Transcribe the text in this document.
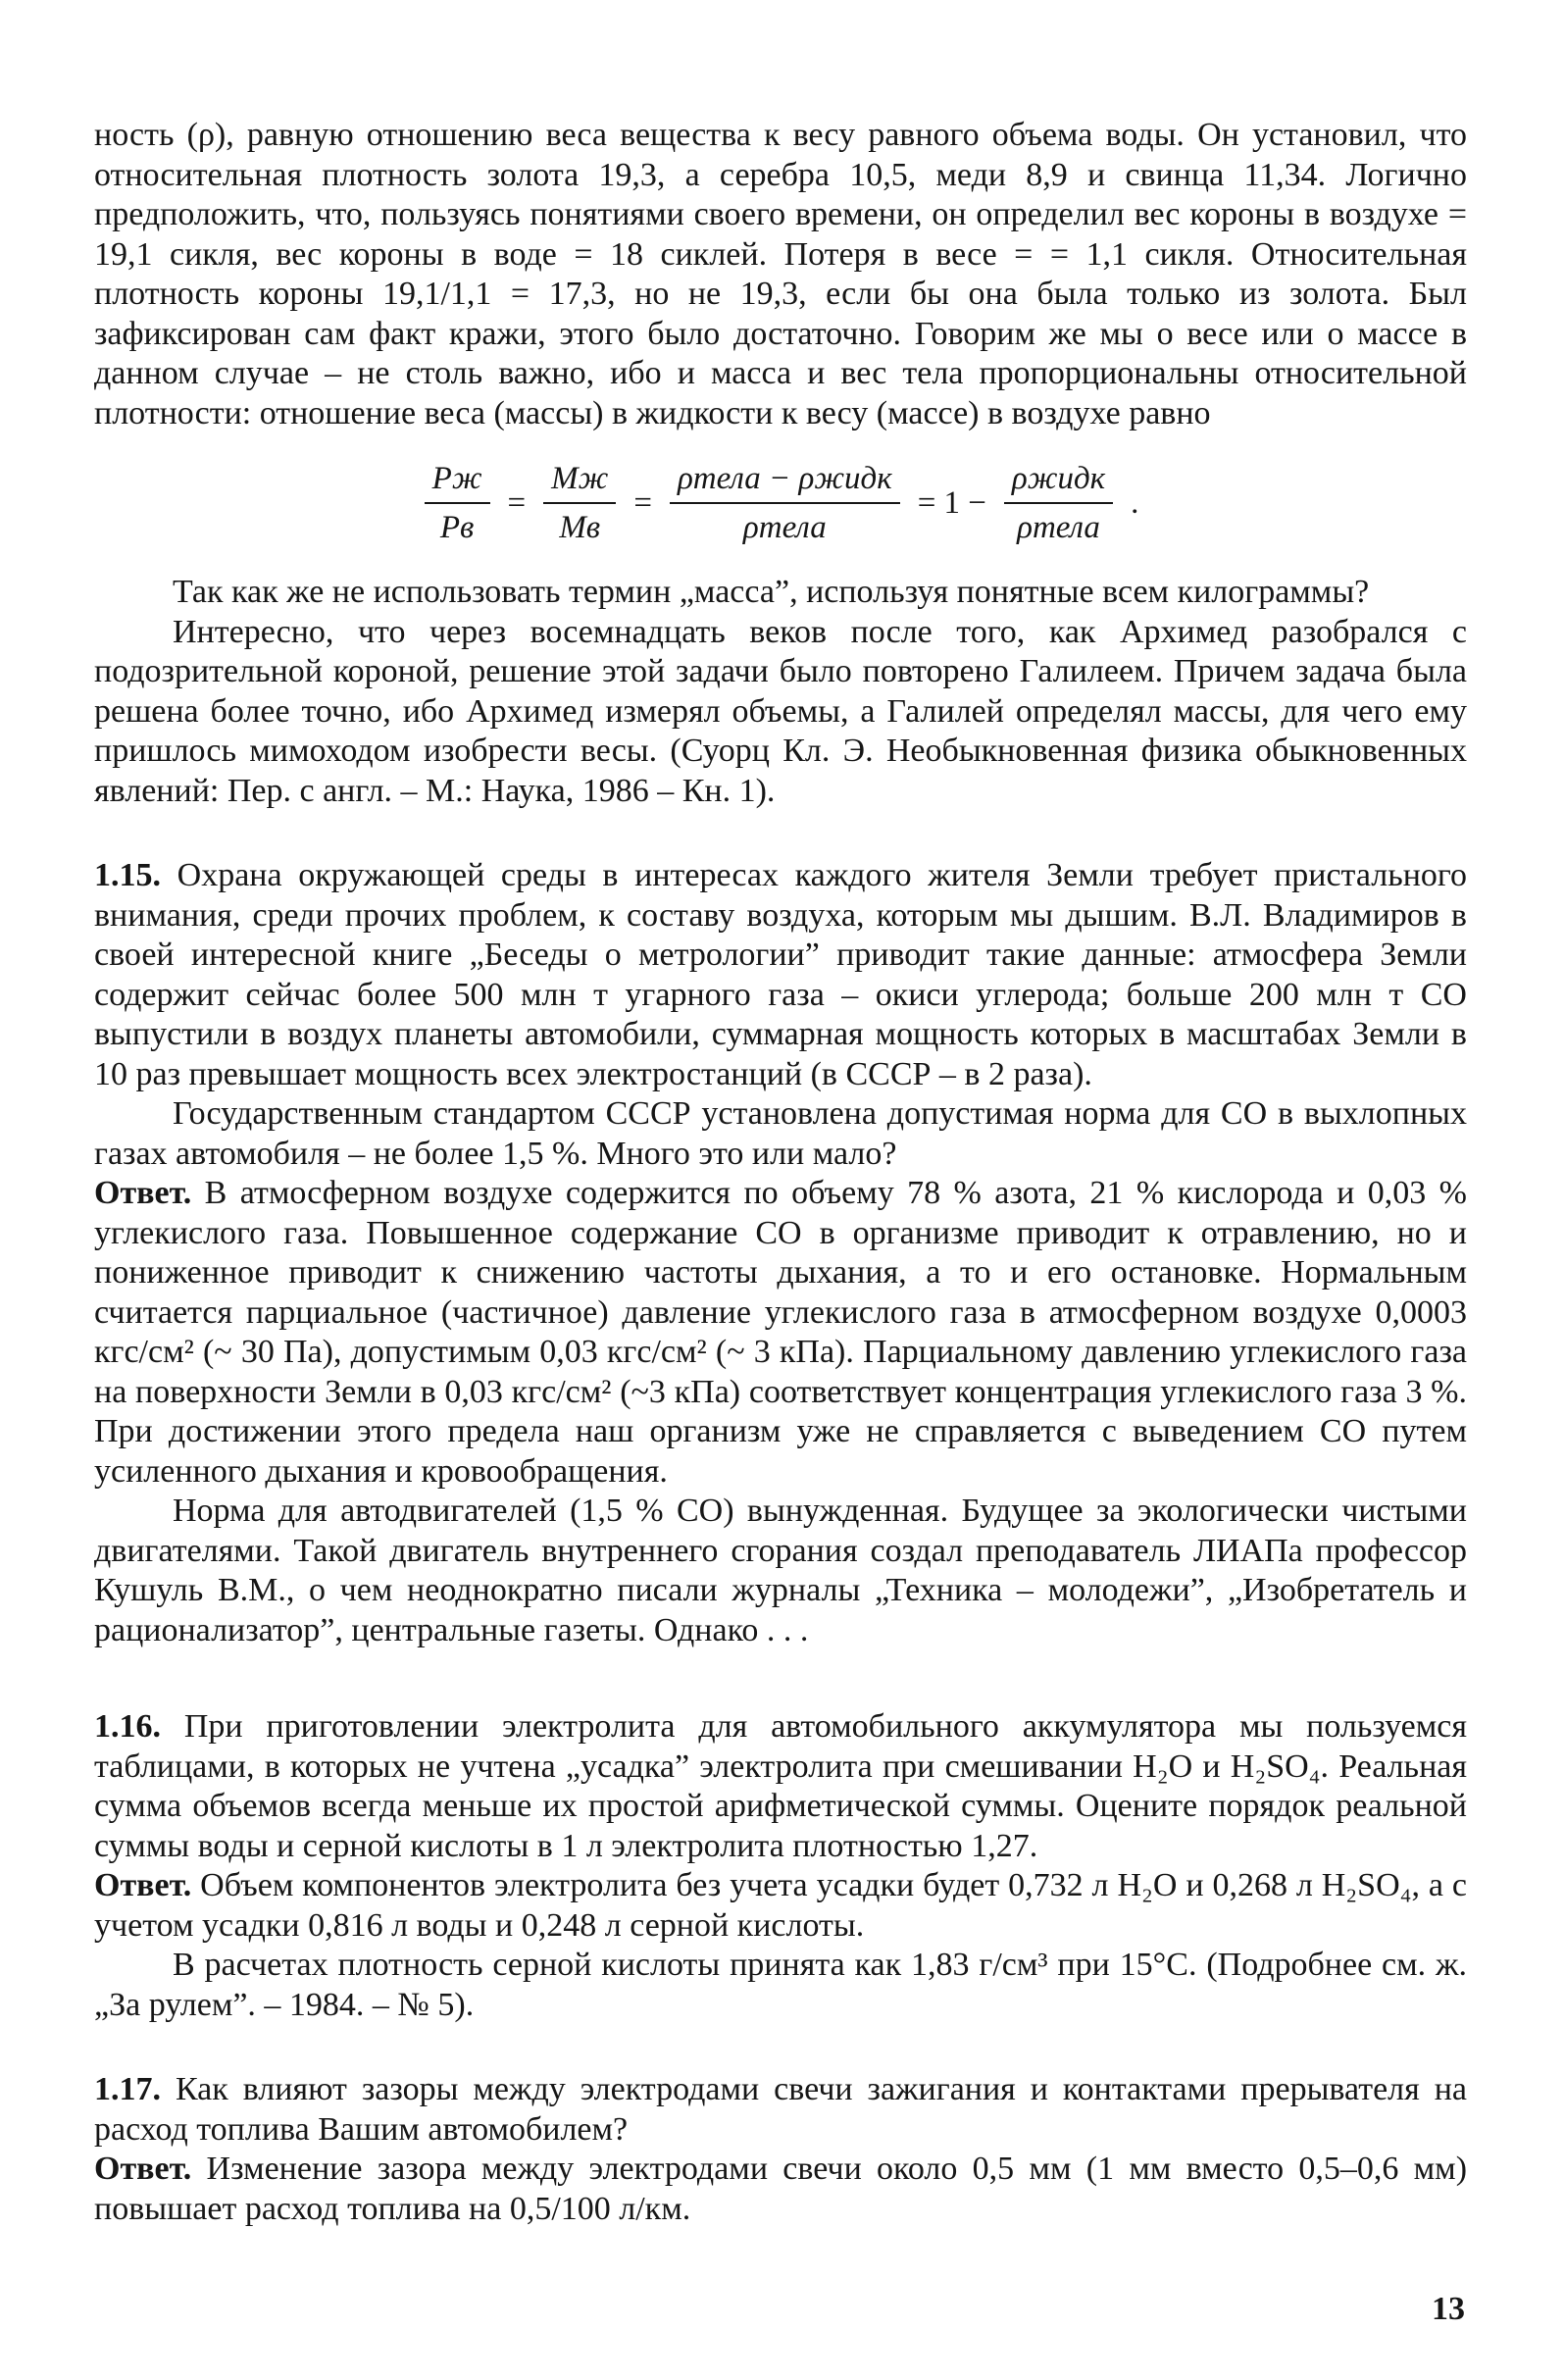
ность (ρ), равную отношению веса вещества к весу равного объема воды. Он установил, что относительная плотность золота 19,3, а серебра 10,5, меди 8,9 и свинца 11,34. Логично предположить, что, пользуясь понятиями своего времени, он определил вес короны в воздухе = 19,1 сикля, вес короны в воде = 18 сиклей. Потеря в весе = = 1,1 сикля. Относительная плотность короны 19,1/1,1 = 17,3, но не 19,3, если бы она была только из золота. Был зафиксирован сам факт кражи, этого было достаточно. Говорим же мы о весе или о массе в данном случае – не столь важно, ибо и масса и вес тела пропорциональны относительной плотности: отношение веса (массы) в жидкости к весу (массе) в воздухе равно

$\frac{Pж}{Pв} = \frac{Mж}{Mв} = \frac{\text{ρтела − ρжидк}}{\text{ρтела}} = 1 - \frac{\text{ρжидк}}{\text{ρтела}}$ .

Так как же не использовать термин „масса”, используя понятные всем килограммы?

Интересно, что через восемнадцать веков после того, как Архимед разобрался с подозрительной короной, решение этой задачи было повторено Галилеем. Причем задача была решена более точно, ибо Архимед измерял объемы, а Галилей определял массы, для чего ему пришлось мимоходом изобрести весы. (Суорц Кл. Э. Необыкновенная физика обыкновенных явлений: Пер. с англ. – М.: Наука, 1986 – Кн. 1).

1.15. Охрана окружающей среды в интересах каждого жителя Земли требует пристального внимания, среди прочих проблем, к составу воздуха, которым мы дышим. В.Л. Владимиров в своей интересной книге „Беседы о метрологии” приводит такие данные: атмосфера Земли содержит сейчас более 500 млн т угарного газа – окиси углерода; больше 200 млн т CO выпустили в воздух планеты автомобили, суммарная мощность которых в масштабах Земли в 10 раз превышает мощность всех электростанций (в СССР – в 2 раза).

Государственным стандартом СССР установлена допустимая норма для CO в выхлопных газах автомобиля – не более 1,5 %. Много это или мало?

Ответ. В атмосферном воздухе содержится по объему 78 % азота, 21 % кислорода и 0,03 % углекислого газа. Повышенное содержание CO в организме приводит к отравлению, но и пониженное приводит к снижению частоты дыхания, а то и его остановке. Нормальным считается парциальное (частичное) давление углекислого газа в атмосферном воздухе 0,0003 кгс/см² (~ 30 Па), допустимым 0,03 кгс/см² (~ 3 кПа). Парциальному давлению углекислого газа на поверхности Земли в 0,03 кгс/см² (~3 кПа) соответствует концентрация углекислого газа 3 %. При достижении этого предела наш организм уже не справляется с выведением CO путем усиленного дыхания и кровообращения.

Норма для автодвигателей (1,5 % CO) вынужденная. Будущее за экологически чистыми двигателями. Такой двигатель внутреннего сгорания создал преподаватель ЛИАПа профессор Кушуль В.М., о чем неоднократно писали журналы „Техника – молодежи”, „Изобретатель и рационализатор”, центральные газеты. Однако . . .

1.16. При приготовлении электролита для автомобильного аккумулятора мы пользуемся таблицами, в которых не учтена „усадка” электролита при смешивании H₂O и H₂SO₄. Реальная сумма объемов всегда меньше их простой арифметической суммы. Оцените порядок реальной суммы воды и серной кислоты в 1 л электролита плотностью 1,27.

Ответ. Объем компонентов электролита без учета усадки будет 0,732 л H₂O и 0,268 л H₂SO₄, а с учетом усадки 0,816 л воды и 0,248 л серной кислоты.

В расчетах плотность серной кислоты принята как 1,83 г/см³ при 15°C. (Подробнее см. ж. „За рулем”. – 1984. – № 5).

1.17. Как влияют зазоры между электродами свечи зажигания и контактами прерывателя на расход топлива Вашим автомобилем?

Ответ. Изменение зазора между электродами свечи около 0,5 мм (1 мм вместо 0,5–0,6 мм) повышает расход топлива на 0,5/100 л/км.

13
